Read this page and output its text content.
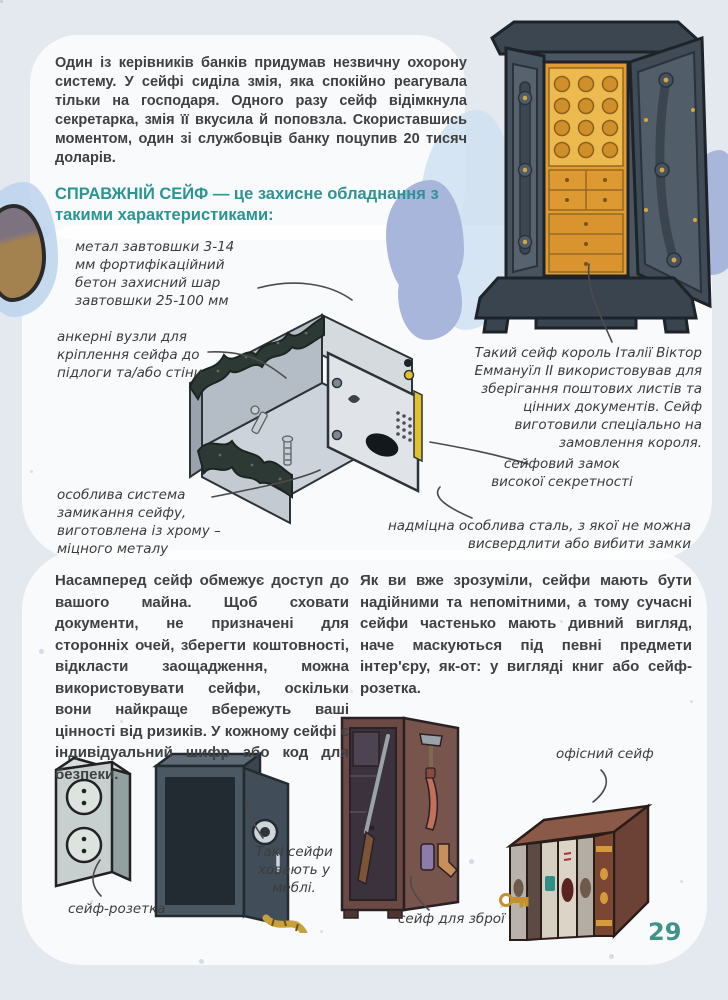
Один із керівників банків придумав незвичну охорону систему. У сейфі сиділа змія, яка спокійно реагувала тільки на господаря. Одного разу сейф відімкнула секретарка, змія її вкусила й поповзла. Скориставшись моментом, один зі службовців банку поцупив 20 тисяч доларів.
СПРАВЖНІЙ СЕЙФ — це захисне обладнання з такими характеристиками:
метал завтовшки 3-14 мм фортифікаційний бетон захисний шар завтовшки 25-100 мм
анкерні вузли для кріплення сейфа до підлоги та/або стіни
особлива система замикання сейфу, виготовлена із хрому – міцного металу
Такий сейф король Італії Віктор Еммануїл II використовував для зберігання поштових листів та цінних документів. Сейф виготовили спеціально на замовлення короля.
сейфовий замок високої секретності
надміцна особлива сталь, з якої не можна висвердлити або вибити замки
Насамперед сейф обмежує доступ до вашого майна. Щоб сховати документи, не призначені для сторонніх очей, зберегти коштовності, відкласти заощадження, можна використовувати сейфи, оскільки вони найкраще вбережуть ваші цінності від ризиків. У кожному сейфі є індивідуальний шифр або код для безпеки.
Як ви вже зрозуміли, сейфи мають бути надійними та непомітними, а тому сучасні сейфи частенько мають дивний вигляд, наче маскуються під певні предмети інтер'єру, як-от: у вигляді книг або сейф-розетка.
сейф-розетка
Такі сейфи ховають у меблі.
сейф для зброї
офісний сейф
29
